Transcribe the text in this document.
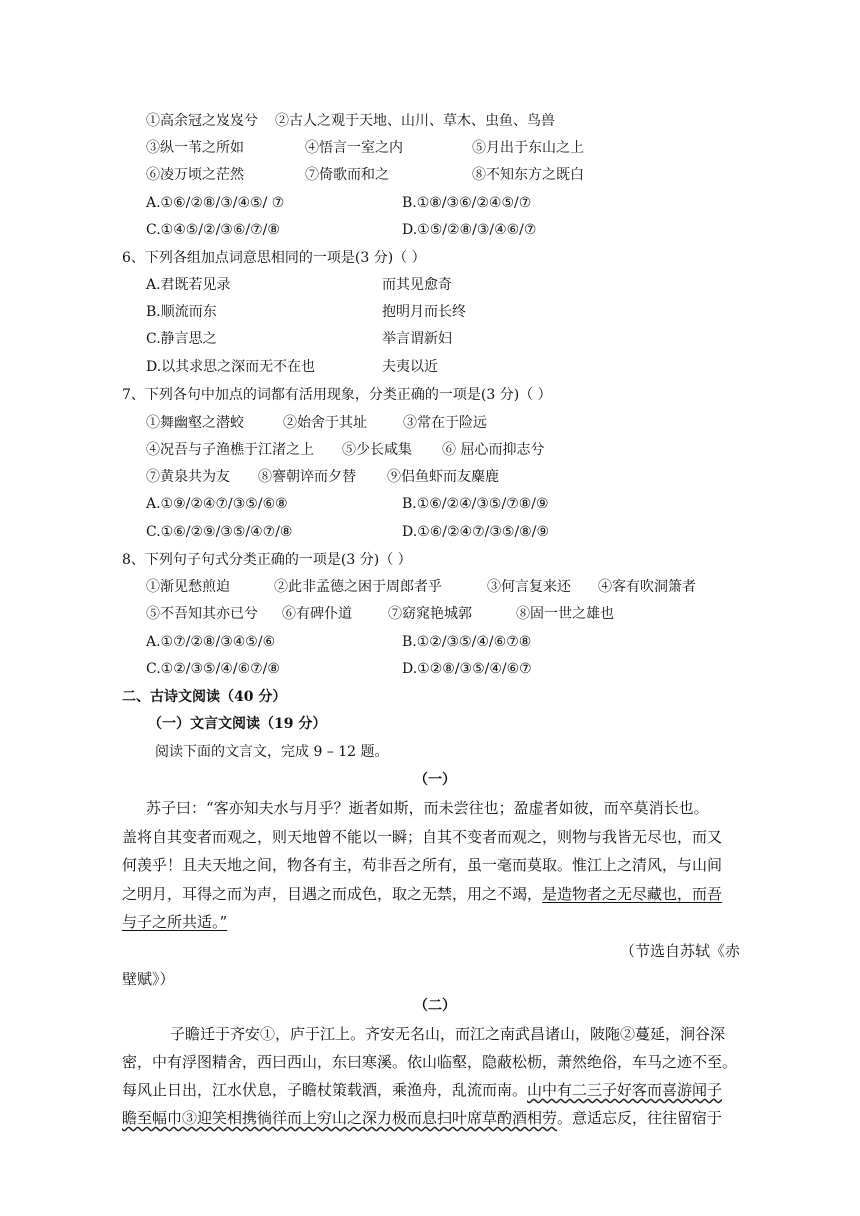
①高余冠之岌岌兮 ②古人之观于天地、山川、草木、虫鱼、鸟兽
③纵一苇之所如	④悟言一室之内	⑤月出于东山之上
⑥凌万顷之茫然	⑦倚歌而和之	⑧不知东方之既白
A.①⑥/②⑧/③/④⑤/ ⑦	B.①⑧/③⑥/②④⑤/⑦
C.①④⑤/②/③⑥/⑦/⑧	D.①⑤/②⑧/③/④⑥/⑦
6、下列各组加点词意思相同的一项是(3 分)（ ）
A.君既若见录	而其见愈奇
B.顺流而东	抱明月而长终
C.静言思之	举言谓新妇
D.以其求思之深而无不在也	夫夷以近
7、下列各句中加点的词都有活用现象，分类正确的一项是(3 分)（ ）
①舞幽壑之潜蛟	②始舍于其址	③常在于险远
④况吾与子渔樵于江渚之上 ⑤少长咸集 ⑥ 屈心而抑志兮
⑦黄泉共为友 ⑧謇朝谇而夕替 ⑨侣鱼虾而友麋鹿
A.①⑨/②④⑦/③⑤/⑥⑧	B.①⑥/②④/③⑤/⑦⑧/⑨
C.①⑥/②⑨/③⑤/④⑦/⑧	D.①⑥/②④⑦/③⑤/⑧/⑨
8、下列句子句式分类正确的一项是(3 分)（ ）
①渐见愁煎迫	②此非孟德之困于周郎者乎	③何言复来还 ④客有吹洞箫者
⑤不吾知其亦已兮 ⑥有碑仆道	⑦窈窕艳城郭	⑧固一世之雄也
A.①⑦/②⑧/③④⑤/⑥	B.①②/③⑤/④/⑥⑦⑧
C.①②/③⑤/④/⑥⑦/⑧	D.①②⑧/③⑤/④/⑥⑦
二、古诗文阅读（40 分）
（一）文言文阅读（19 分）
阅读下面的文言文，完成 9 – 12 题。
（一）
苏子曰：“客亦知夫水与月乎？逝者如斯，而未尝往也；盈虚者如彼，而卒莫消长也。
盖将自其变者而观之，则天地曾不能以一瞬；自其不变者而观之，则物与我皆无尽也，而又
何羡乎！且夫天地之间，物各有主，苟非吾之所有，虽一毫而莫取。惟江上之清风，与山间
之明月，耳得之而为声，目遇之而成色，取之无禁，用之不竭，是造物者之无尽藏也，而吾
与子之所共适。”
（节选自苏轼《赤
壁赋》）
（二）
子瞻迁于齐安①，庐于江上。齐安无名山，而江之南武昌诸山，陂陁②蔓延，涧谷深
密，中有浮图精舍，西曰西山，东曰寒溪。依山临壑，隐蔽松枥，萧然绝俗，车马之迹不至。
每风止日出，江水伏息，子瞻杖策载酒，乘渔舟，乱流而南。山中有二三子好客而喜游闻子
瞻至幅巾③迎笑相携徜徉而上穷山之深力极而息扫叶席草酌酒相劳。意适忘反，往往留宿于
